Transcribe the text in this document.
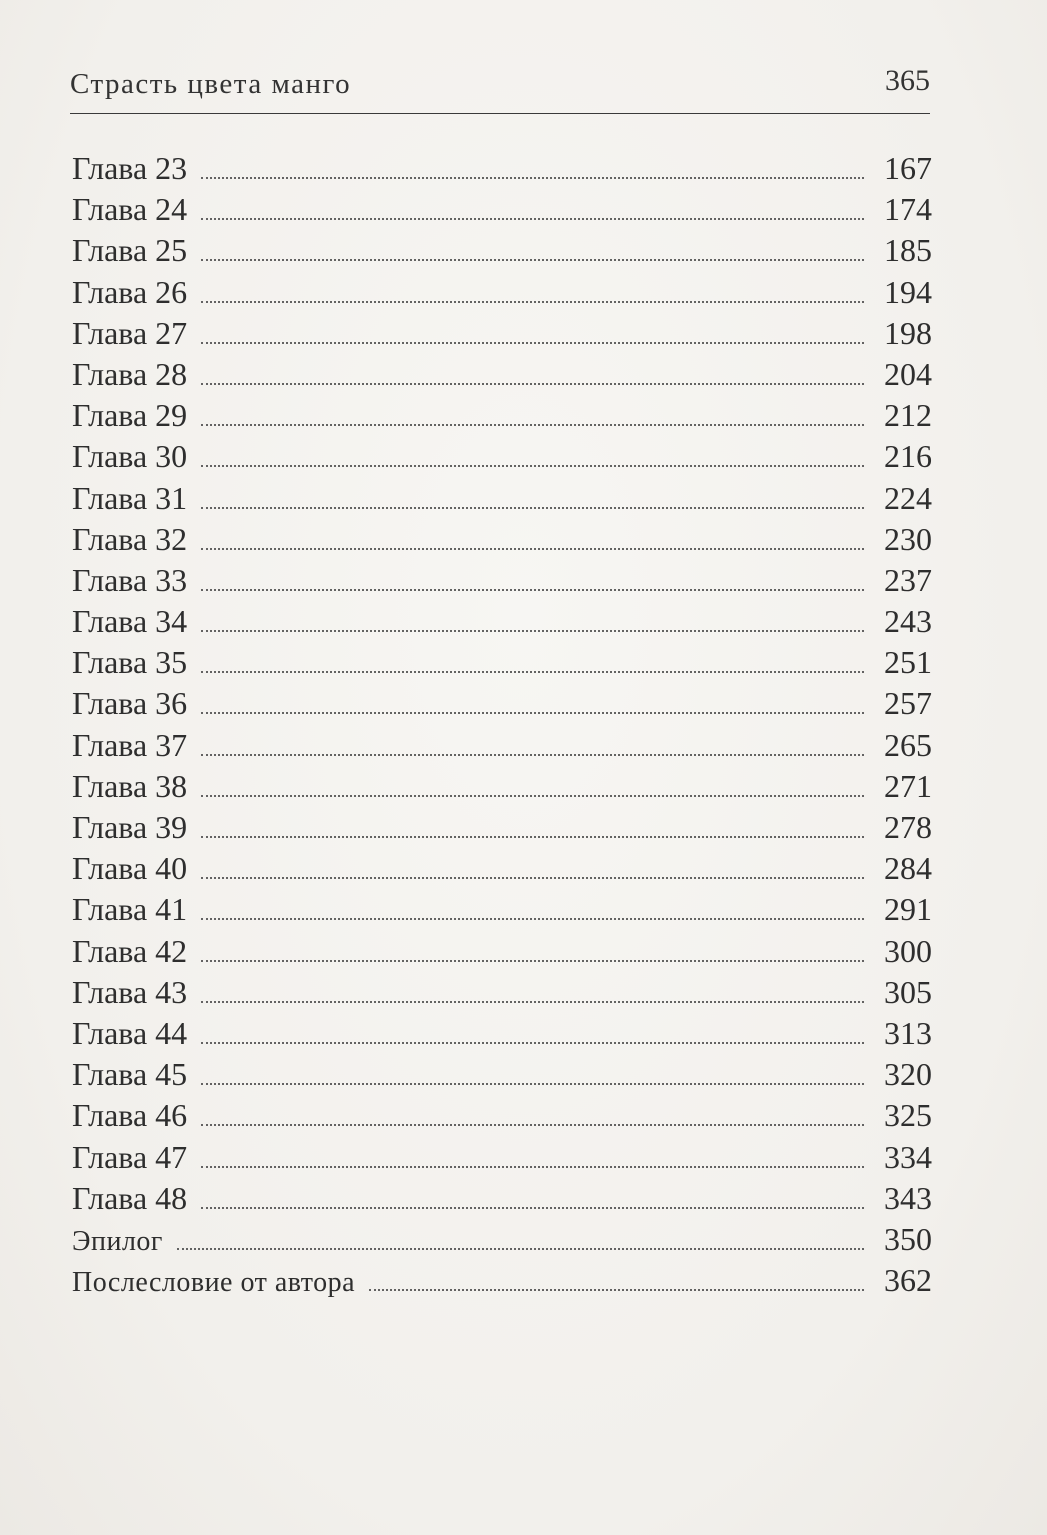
Страсть цвета манго	365
Глава 23	167
Глава 24	174
Глава 25	185
Глава 26	194
Глава 27	198
Глава 28	204
Глава 29	212
Глава 30	216
Глава 31	224
Глава 32	230
Глава 33	237
Глава 34	243
Глава 35	251
Глава 36	257
Глава 37	265
Глава 38	271
Глава 39	278
Глава 40	284
Глава 41	291
Глава 42	300
Глава 43	305
Глава 44	313
Глава 45	320
Глава 46	325
Глава 47	334
Глава 48	343
Эпилог	350
Послесловие от автора	362
